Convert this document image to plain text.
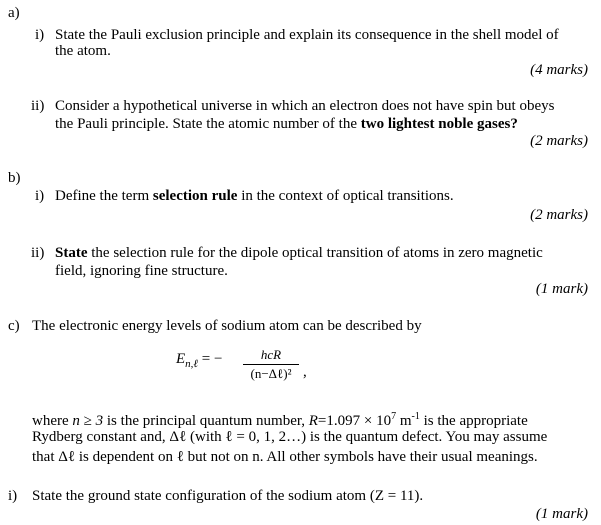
a)
i) State the Pauli exclusion principle and explain its consequence in the shell model of
the atom.
(4 marks)
ii) Consider a hypothetical universe in which an electron does not have spin but obeys
the Pauli principle. State the atomic number of the two lightest noble gases?
(2 marks)
b)
i) Define the term selection rule in the context of optical transitions.
(2 marks)
ii) State the selection rule for the dipole optical transition of atoms in zero magnetic
field, ignoring fine structure.
(1 mark)
c) The electronic energy levels of sodium atom can be described by
$E_{n,\ell}$ = −	hcR
(n−Δℓ)² ,
where n ≥ 3 is the principal quantum number, $R=1.097 \times 10^7$ $m^{-1}$ is the appropriate
Rydberg constant and, Δℓ (with ℓ = 0, 1, 2…) is the quantum defect. You may assume
that Δℓ is dependent on ℓ but not on n. All other symbols have their usual meanings.
i) State the ground state configuration of the sodium atom (Z = 11).
(1 mark)
